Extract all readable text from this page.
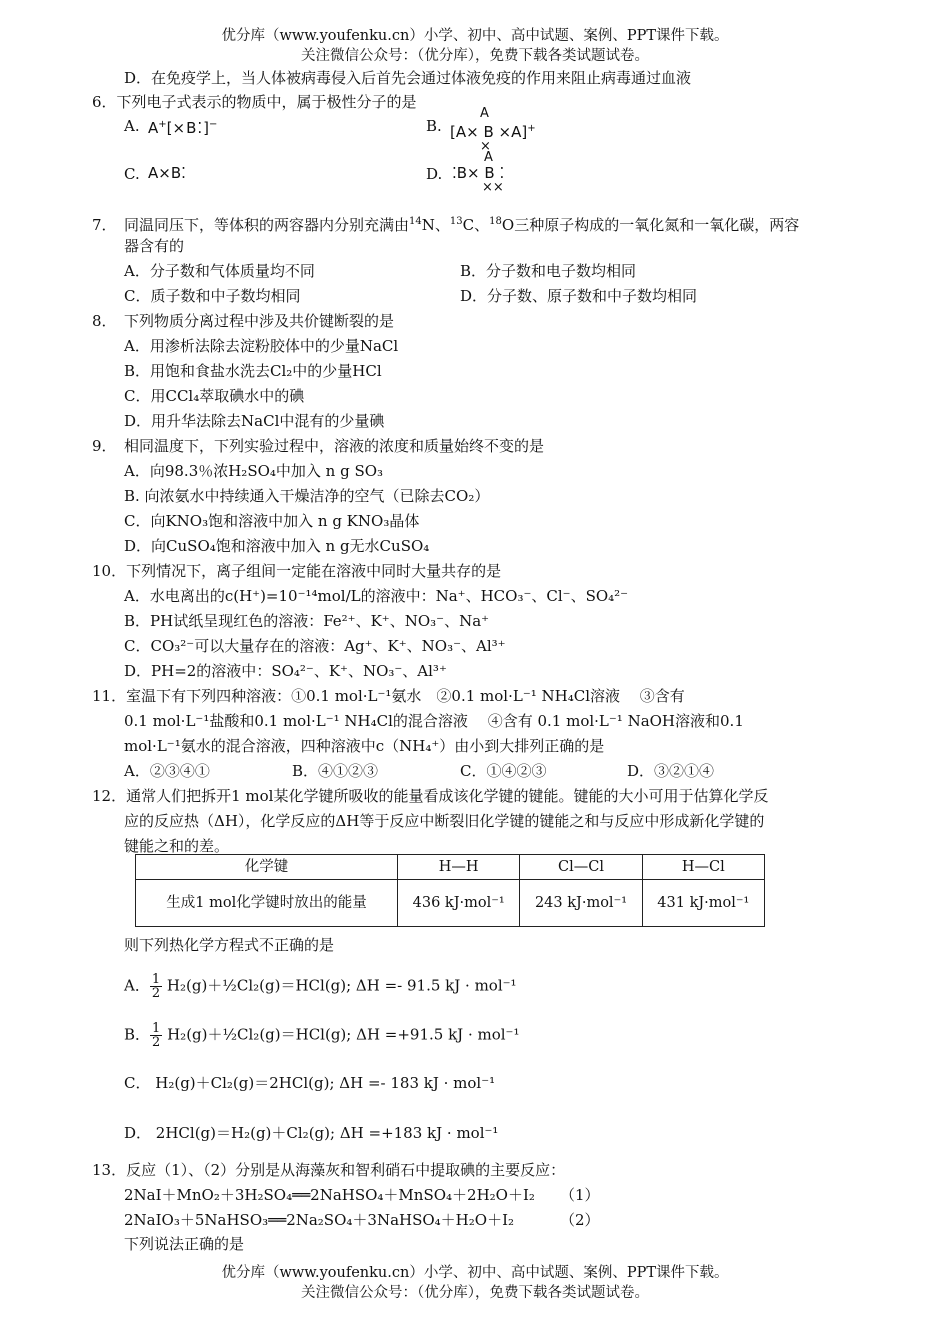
优分库（www.youfenku.cn）小学、初中、高中试题、案例、PPT课件下载。
关注微信公众号：（优分库），免费下载各类试题试卷。
D．在免疫学上，当人体被病毒侵入后首先会通过体液免疫的作用来阻止病毒通过血液
6．下列电子式表示的物质中，属于极性分子的是
A. A+[×B⁚]−	B.
A
[A× B ×A]+
×
C. A×B⁚	D.
A
⁚B× B ⁚
××
7．　同温同压下，等体积的两容器内分别充满由$^{14}$N、$^{13}$C、$^{18}$O三种原子构成的一氧化氮和一氧化碳，两容
器含有的
A．分子数和气体质量均不同	B．分子数和电子数均相同
C．质子数和中子数均相同	D．分子数、原子数和中子数均相同
8．　下列物质分离过程中涉及共价键断裂的是
A．用渗析法除去淀粉胶体中的少量NaCl
B．用饱和食盐水洗去Cl₂中的少量HCl
C．用CCl₄萃取碘水中的碘
D．用升华法除去NaCl中混有的少量碘
9．　相同温度下，下列实验过程中，溶液的浓度和质量始终不变的是
A．向98.3％浓H₂SO₄中加入 n g SO₃
B. 向浓氨水中持续通入干燥洁净的空气（已除去CO₂）
C．向KNO₃饱和溶液中加入 n g KNO₃晶体
D．向CuSO₄饱和溶液中加入 n g无水CuSO₄
10．下列情况下，离子组间一定能在溶液中同时大量共存的是
A．水电离出的c(H⁺)=10⁻¹⁴mol/L的溶液中：Na⁺、HCO₃⁻、Cl⁻、SO₄²⁻
B．PH试纸呈现红色的溶液：Fe²⁺、K⁺、NO₃⁻、Na⁺
C．CO₃²⁻可以大量存在的溶液：Ag⁺、K⁺、NO₃⁻、Al³⁺
D．PH=2的溶液中：SO₄²⁻、K⁺、NO₃⁻、Al³⁺
11．室温下有下列四种溶液：①0.1 mol·L⁻¹氨水　②0.1 mol·L⁻¹ NH₄Cl溶液　 ③含有
0.1 mol·L⁻¹盐酸和0.1 mol·L⁻¹ NH₄Cl的混合溶液　 ④含有 0.1 mol·L⁻¹ NaOH溶液和0.1
mol·L⁻¹氨水的混合溶液，四种溶液中c（NH₄⁺）由小到大排列正确的是
A．②③④①	B．④①②③	C．①④②③	D．③②①④
12．通常人们把拆开1 mol某化学键所吸收的能量看成该化学键的键能。键能的大小可用于估算化学反
应的反应热（ΔH），化学反应的ΔH等于反应中断裂旧化学键的键能之和与反应中形成新化学键的
键能之和的差。
化学键	H—H	Cl—Cl	H—Cl
生成1 mol化学键时放出的能量	436 kJ·mol⁻¹	243 kJ·mol⁻¹	431 kJ·mol⁻¹
则下列热化学方程式不正确的是
A． $\frac{1}{2}$ H₂(g)＋½Cl₂(g)＝HCl(g); ΔH =- 91.5 kJ · mol⁻¹
B． $\frac{1}{2}$ H₂(g)＋½Cl₂(g)＝HCl(g); ΔH =+91.5 kJ · mol⁻¹
C． H₂(g)＋Cl₂(g)＝2HCl(g); ΔH =- 183 kJ · mol⁻¹
D． 2HCl(g)＝H₂(g)＋Cl₂(g); ΔH =+183 kJ · mol⁻¹
13．反应（1）、（2）分别是从海藻灰和智利硝石中提取碘的主要反应：
2NaI＋MnO₂＋3H₂SO₄══2NaHSO₄＋MnSO₄＋2H₂O＋I₂ （1）
2NaIO₃＋5NaHSO₃══2Na₂SO₄＋3NaHSO₄＋H₂O＋I₂	（2）
下列说法正确的是
优分库（www.youfenku.cn）小学、初中、高中试题、案例、PPT课件下载。
关注微信公众号：（优分库），免费下载各类试题试卷。
